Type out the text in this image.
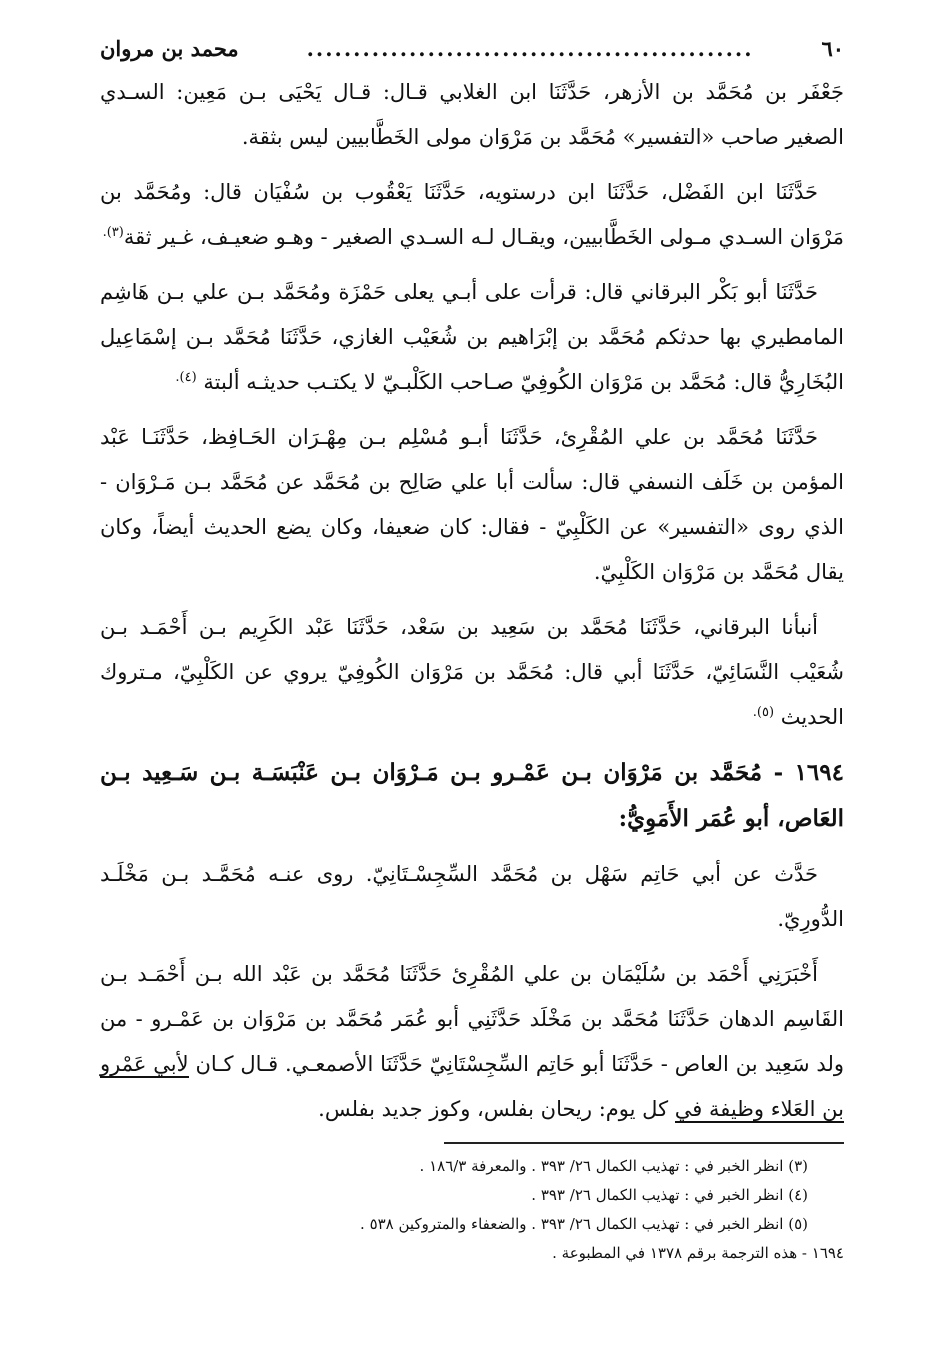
٦٠
................................................
محمد بن مروان

جَعْفَر بن مُحَمَّد بن الأزهر، حَدَّثَنَا ابن الغلابي قـال: قـال يَحْيَى بـن مَعِين: السـدي الصغير صاحب «التفسير» مُحَمَّد بن مَرْوَان مولى الخَطَّابيين ليس بثقة.

حَدَّثَنَا ابن الفَضْل، حَدَّثَنَا ابن درستويه، حَدَّثَنَا يَعْقُوب بن سُفْيَان قال: ومُحَمَّد بن مَرْوَان السـدي مـولى الخَطَّابيين، ويقـال لـه السـدي الصغير - وهـو ضعيـف، غـير ثقة$^{(٣).}$

حَدَّثَنَا أبو بَكْر البرقاني قال: قرأت على أبـي يعلى حَمْزَة ومُحَمَّد بـن علي بـن هَاشِم المامطيري بها حدثكم مُحَمَّد بن إبْرَاهيم بن شُعَيْب الغازي، حَدَّثَنَا مُحَمَّد بـن إسْمَاعِيل البُخَارِيُّ قال: مُحَمَّد بن مَرْوَان الكُوفِيّ صـاحب الكَلْبـيّ لا يكتـب حديثـه ألبتة $^{(٤).}$

حَدَّثَنَا مُحَمَّد بن علي المُقْرِئ، حَدَّثَنَا أبـو مُسْلِم بـن مِهْـرَان الحَـافِظ، حَدَّثَنَـا عَبْد المؤمن بن خَلَف النسفي قال: سألت أبا علي صَالِح بن مُحَمَّد عن مُحَمَّد بـن مَـرْوَان - الذي روى «التفسير» عن الكَلْبِيّ - فقال: كان ضعيفا، وكان يضع الحديث أيضاً، وكان يقال مُحَمَّد بن مَرْوَان الكَلْبِيّ.

أنبأنا البرقاني، حَدَّثَنَا مُحَمَّد بن سَعِيد بن سَعْد، حَدَّثَنَا عَبْد الكَرِيم بـن أَحْمَـد بـن شُعَيْب النَّسَائِيّ، حَدَّثَنَا أبي قال: مُحَمَّد بن مَرْوَان الكُوفِيّ يروي عن الكَلْبِيّ، مـتروك الحديث $^{(٥).}$

١٦٩٤ - مُحَمَّد بن مَرْوَان بـن عَمْـرو بـن مَـرْوَان بـن عَنْبَسَـة بـن سَـعِيد بـن العَاص، أبو عُمَر الأَمَوِيُّ:

حَدَّث عن أبي حَاتِم سَهْل بن مُحَمَّد السِّجِسْـتَانِيّ. روى عنـه مُحَمَّـد بـن مَخْلَـد الدُّورِيّ.

أَخْبَرَنِي أَحْمَد بن سُلَيْمَان بن علي المُقْرِئ حَدَّثَنَا مُحَمَّد بن عَبْد الله بـن أَحْمَـد بـن القَاسِم الدهان حَدَّثَنَا مُحَمَّد بن مَخْلَد حَدَّثَنِي أبو عُمَر مُحَمَّد بن مَرْوَان بن عَمْـرو - من ولد سَعِيد بن العاص - حَدَّثَنَا أبو حَاتِم السِّجِسْتَانِيّ حَدَّثَنَا الأصمعـي. قـال كـان لأبي عَمْرو بن العَلاء وظيفة في كل يوم: ريحان بفلس، وكوز جديد بفلس.

(٣) انظر الخبر في : تهذيب الكمال ٢٦/ ٣٩٣ . والمعرفة ١٨٦/٣ .

(٤) انظر الخبر في : تهذيب الكمال ٢٦/ ٣٩٣ .

(٥) انظر الخبر في : تهذيب الكمال ٢٦/ ٣٩٣ . والضعفاء والمتروكين ٥٣٨ .

١٦٩٤ - هذه الترجمة برقم ١٣٧٨ في المطبوعة .
